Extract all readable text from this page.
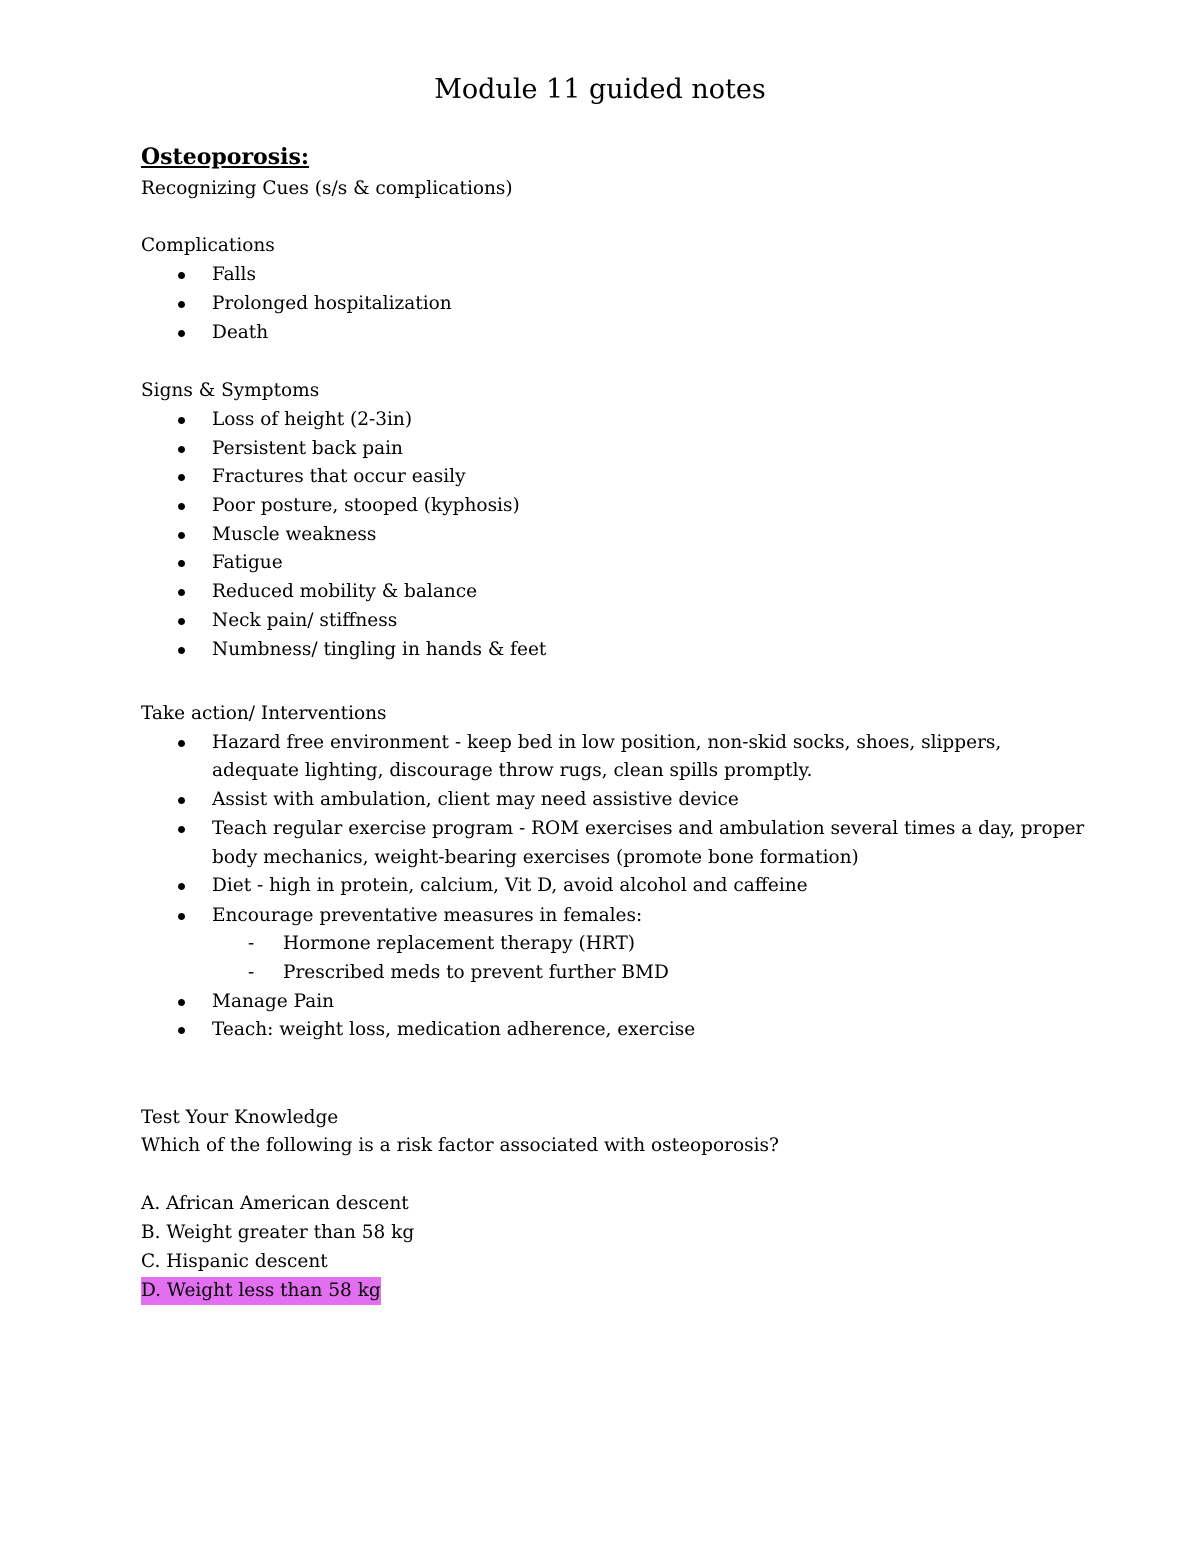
Module 11 guided notes
Osteoporosis:
Recognizing Cues (s/s & complications)
Complications
Falls
Prolonged hospitalization
Death
Signs & Symptoms
Loss of height (2-3in)
Persistent back pain
Fractures that occur easily
Poor posture, stooped (kyphosis)
Muscle weakness
Fatigue
Reduced mobility & balance
Neck pain/ stiffness
Numbness/ tingling in hands & feet
Take action/ Interventions
Hazard free environment - keep bed in low position, non-skid socks, shoes, slippers,
adequate lighting, discourage throw rugs, clean spills promptly.
Assist with ambulation, client may need assistive device
Teach regular exercise program - ROM exercises and ambulation several times a day, proper
body mechanics, weight-bearing exercises (promote bone formation)
Diet - high in protein, calcium, Vit D, avoid alcohol and caffeine
Encourage preventative measures in females:
- Hormone replacement therapy (HRT)
- Prescribed meds to prevent further BMD
Manage Pain
Teach: weight loss, medication adherence, exercise
Test Your Knowledge
Which of the following is a risk factor associated with osteoporosis?
A. African American descent
B. Weight greater than 58 kg
C. Hispanic descent
D. Weight less than 58 kg
